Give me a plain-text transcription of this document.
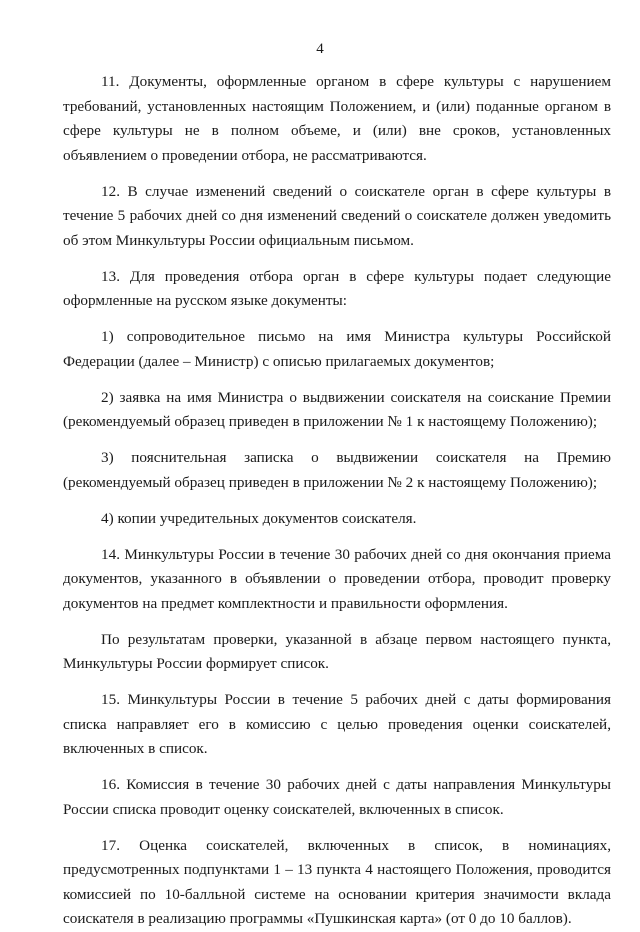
4

11. Документы, оформленные органом в сфере культуры с нарушением требований, установленных настоящим Положением, и (или) поданные органом в сфере культуры не в полном объеме, и (или) вне сроков, установленных объявлением о проведении отбора, не рассматриваются.

12. В случае изменений сведений о соискателе орган в сфере культуры в течение 5 рабочих дней со дня изменений сведений о соискателе должен уведомить об этом Минкультуры России официальным письмом.

13. Для проведения отбора орган в сфере культуры подает следующие оформленные на русском языке документы:

1) сопроводительное письмо на имя Министра культуры Российской Федерации (далее – Министр) с описью прилагаемых документов;

2) заявка на имя Министра о выдвижении соискателя на соискание Премии (рекомендуемый образец приведен в приложении № 1 к настоящему Положению);

3) пояснительная записка о выдвижении соискателя на Премию (рекомендуемый образец приведен в приложении № 2 к настоящему Положению);

4) копии учредительных документов соискателя.

14. Минкультуры России в течение 30 рабочих дней со дня окончания приема документов, указанного в объявлении о проведении отбора, проводит проверку документов на предмет комплектности и правильности оформления.

По результатам проверки, указанной в абзаце первом настоящего пункта, Минкультуры России формирует список.

15. Минкультуры России в течение 5 рабочих дней с даты формирования списка направляет его в комиссию с целью проведения оценки соискателей, включенных в список.

16. Комиссия в течение 30 рабочих дней с даты направления Минкультуры России списка проводит оценку соискателей, включенных в список.

17. Оценка соискателей, включенных в список, в номинациях, предусмотренных подпунктами 1 – 13 пункта 4 настоящего Положения, проводится комиссией по 10-балльной системе на основании критерия значимости вклада соискателя в реализацию программы «Пушкинская карта» (от 0 до 10 баллов).
